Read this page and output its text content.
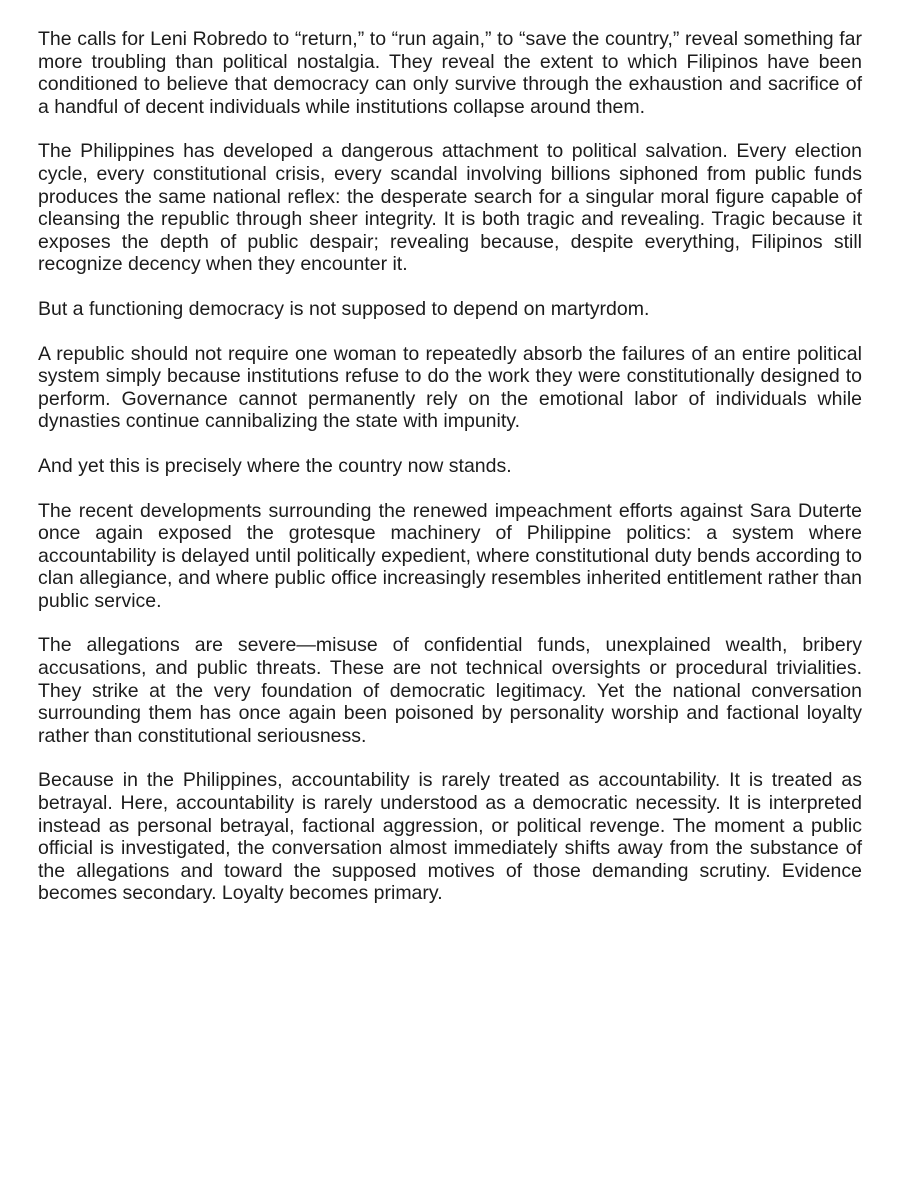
The calls for Leni Robredo to “return,” to “run again,” to “save the country,” reveal something far more troubling than political nostalgia. They reveal the extent to which Filipinos have been conditioned to believe that democracy can only survive through the exhaustion and sacrifice of a handful of decent individuals while institutions collapse around them.

The Philippines has developed a dangerous attachment to political salvation. Every election cycle, every constitutional crisis, every scandal involving billions siphoned from public funds produces the same national reflex: the desperate search for a singular moral figure capable of cleansing the republic through sheer integrity. It is both tragic and revealing. Tragic because it exposes the depth of public despair; revealing because, despite everything, Filipinos still recognize decency when they encounter it.

But a functioning democracy is not supposed to depend on martyrdom.

A republic should not require one woman to repeatedly absorb the failures of an entire political system simply because institutions refuse to do the work they were constitutionally designed to perform. Governance cannot permanently rely on the emotional labor of individuals while dynasties continue cannibalizing the state with impunity.

And yet this is precisely where the country now stands.

The recent developments surrounding the renewed impeachment efforts against Sara Duterte once again exposed the grotesque machinery of Philippine politics: a system where accountability is delayed until politically expedient, where constitutional duty bends according to clan allegiance, and where public office increasingly resembles inherited entitlement rather than public service.

The allegations are severe—misuse of confidential funds, unexplained wealth, bribery accusations, and public threats. These are not technical oversights or procedural trivialities. They strike at the very foundation of democratic legitimacy. Yet the national conversation surrounding them has once again been poisoned by personality worship and factional loyalty rather than constitutional seriousness.

Because in the Philippines, accountability is rarely treated as accountability. It is treated as betrayal. Here, accountability is rarely understood as a democratic necessity. It is interpreted instead as personal betrayal, factional aggression, or political revenge. The moment a public official is investigated, the conversation almost immediately shifts away from the substance of the allegations and toward the supposed motives of those demanding scrutiny. Evidence becomes secondary. Loyalty becomes primary.
